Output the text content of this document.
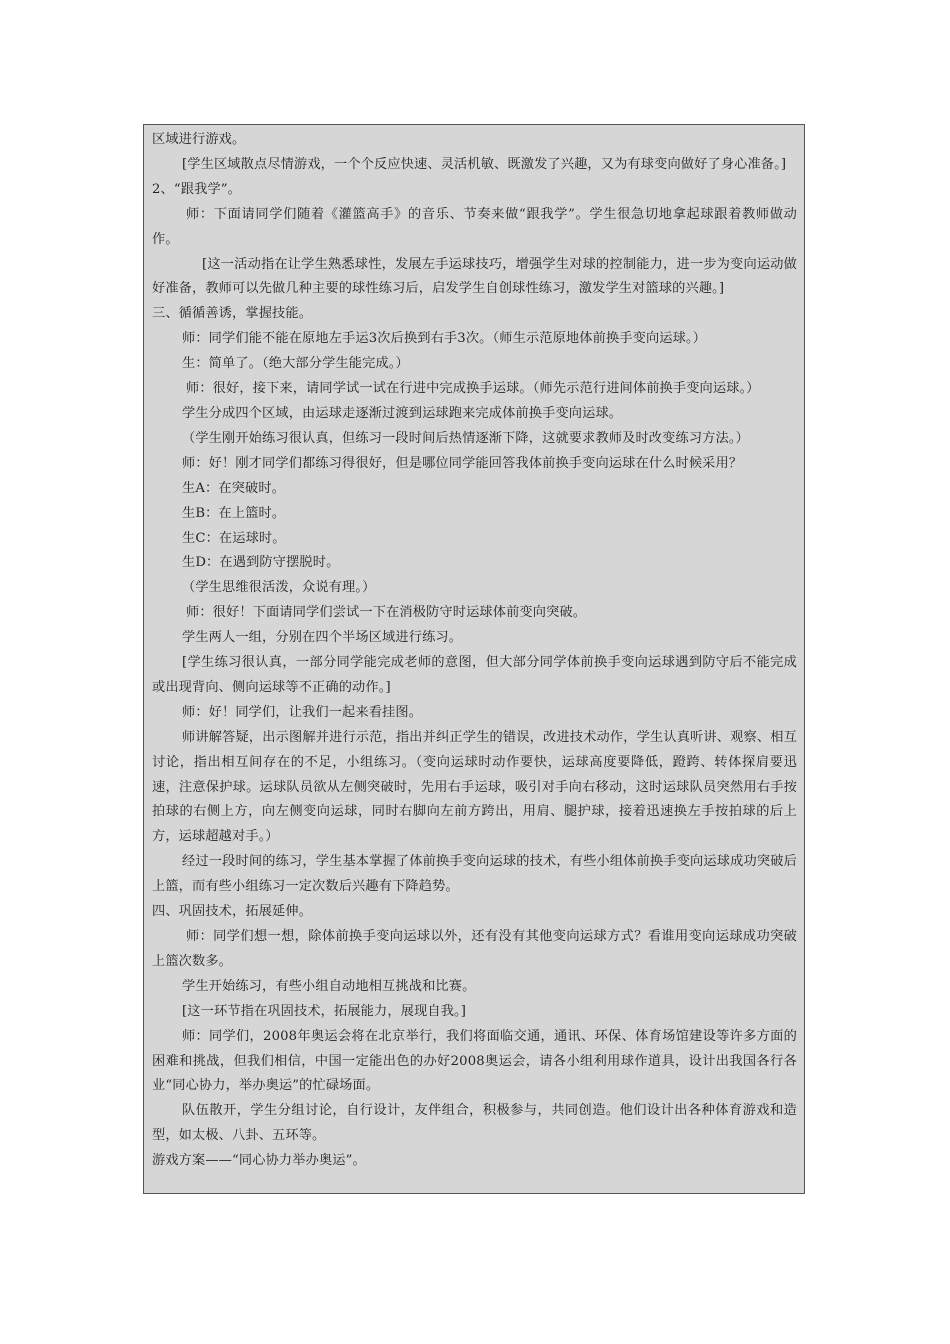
区域进行游戏。
[学生区域散点尽情游戏，一个个反应快速、灵活机敏、既激发了兴趣，又为有球变向做好了身心准备。]
2、“跟我学”。
师：下面请同学们随着《灌篮高手》的音乐、节奏来做“跟我学”。学生很急切地拿起球跟着教师做动作。
[这一活动指在让学生熟悉球性，发展左手运球技巧，增强学生对球的控制能力，进一步为变向运动做好准备，教师可以先做几种主要的球性练习后，启发学生自创球性练习，激发学生对篮球的兴趣。]
三、循循善诱，掌握技能。
师：同学们能不能在原地左手运3次后换到右手3次。（师生示范原地体前换手变向运球。）
生：简单了。（绝大部分学生能完成。）
师：很好，接下来，请同学试一试在行进中完成换手运球。（师先示范行进间体前换手变向运球。）
学生分成四个区域，由运球走逐渐过渡到运球跑来完成体前换手变向运球。
（学生刚开始练习很认真，但练习一段时间后热情逐渐下降，这就要求教师及时改变练习方法。）
师：好！刚才同学们都练习得很好，但是哪位同学能回答我体前换手变向运球在什么时候采用？
生A：在突破时。
生B：在上篮时。
生C：在运球时。
生D：在遇到防守摆脱时。
（学生思维很活泼，众说有理。）
师：很好！下面请同学们尝试一下在消极防守时运球体前变向突破。
学生两人一组，分别在四个半场区域进行练习。
[学生练习很认真，一部分同学能完成老师的意图，但大部分同学体前换手变向运球遇到防守后不能完成或出现背向、侧向运球等不正确的动作。]
师：好！同学们，让我们一起来看挂图。
师讲解答疑，出示图解并进行示范，指出并纠正学生的错误，改进技术动作，学生认真听讲、观察、相互讨论，指出相互间存在的不足，小组练习。（变向运球时动作要快，运球高度要降低，蹬跨、转体探肩要迅速，注意保护球。运球队员欲从左侧突破时，先用右手运球，吸引对手向右移动，这时运球队员突然用右手按拍球的右侧上方，向左侧变向运球，同时右脚向左前方跨出，用肩、腿护球，接着迅速换左手按拍球的后上方，运球超越对手。）
经过一段时间的练习，学生基本掌握了体前换手变向运球的技术，有些小组体前换手变向运球成功突破后上篮，而有些小组练习一定次数后兴趣有下降趋势。
四、巩固技术，拓展延伸。
师：同学们想一想，除体前换手变向运球以外，还有没有其他变向运球方式？看谁用变向运球成功突破上篮次数多。
学生开始练习，有些小组自动地相互挑战和比赛。
[这一环节指在巩固技术，拓展能力，展现自我。]
师：同学们，2008年奥运会将在北京举行，我们将面临交通，通讯、环保、体育场馆建设等许多方面的困难和挑战，但我们相信，中国一定能出色的办好2008奥运会，请各小组利用球作道具，设计出我国各行各业“同心协力，举办奥运”的忙碌场面。
队伍散开，学生分组讨论，自行设计，友伴组合，积极参与，共同创造。他们设计出各种体育游戏和造型，如太极、八卦、五环等。
游戏方案——“同心协力举办奥运”。
